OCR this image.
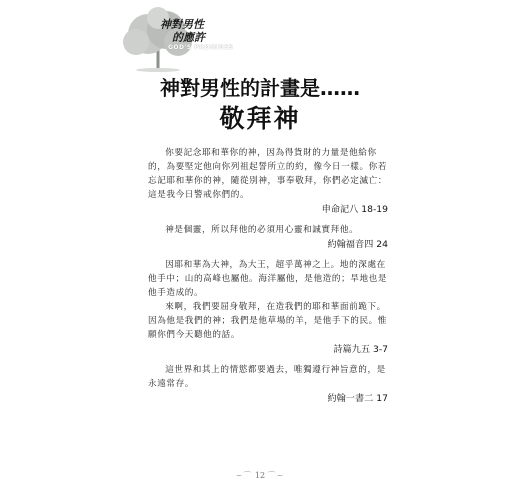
神對男性
的應許
GOD'S PROMISES
神對男性的計畫是……
敬拜神

你要記念耶和華你的神，因為得貨財的力量是他給你的，為要堅定他向你列祖起誓所立的約，像今日一樣。你若忘記耶和華你的神，隨從別神，事奉敬拜，你們必定滅亡：這是我今日警戒你們的。

申命記八 18-19

神是個靈，所以拜他的必須用心靈和誠實拜他。

約翰福音四 24

因耶和華為大神，為大王，超乎萬神之上。地的深處在他手中；山的高峰也屬他。海洋屬他，是他造的；旱地也是他手造成的。

來啊，我們要屈身敬拜，在造我們的耶和華面前跪下。因為他是我們的神；我們是他草場的羊，是他手下的民。惟願你們今天聽他的話。

詩篇九五 3-7

這世界和其上的情慾都要過去，唯獨遵行神旨意的，是永遠常存。

約翰一書二 17
~⌒ 12 ⌒~
